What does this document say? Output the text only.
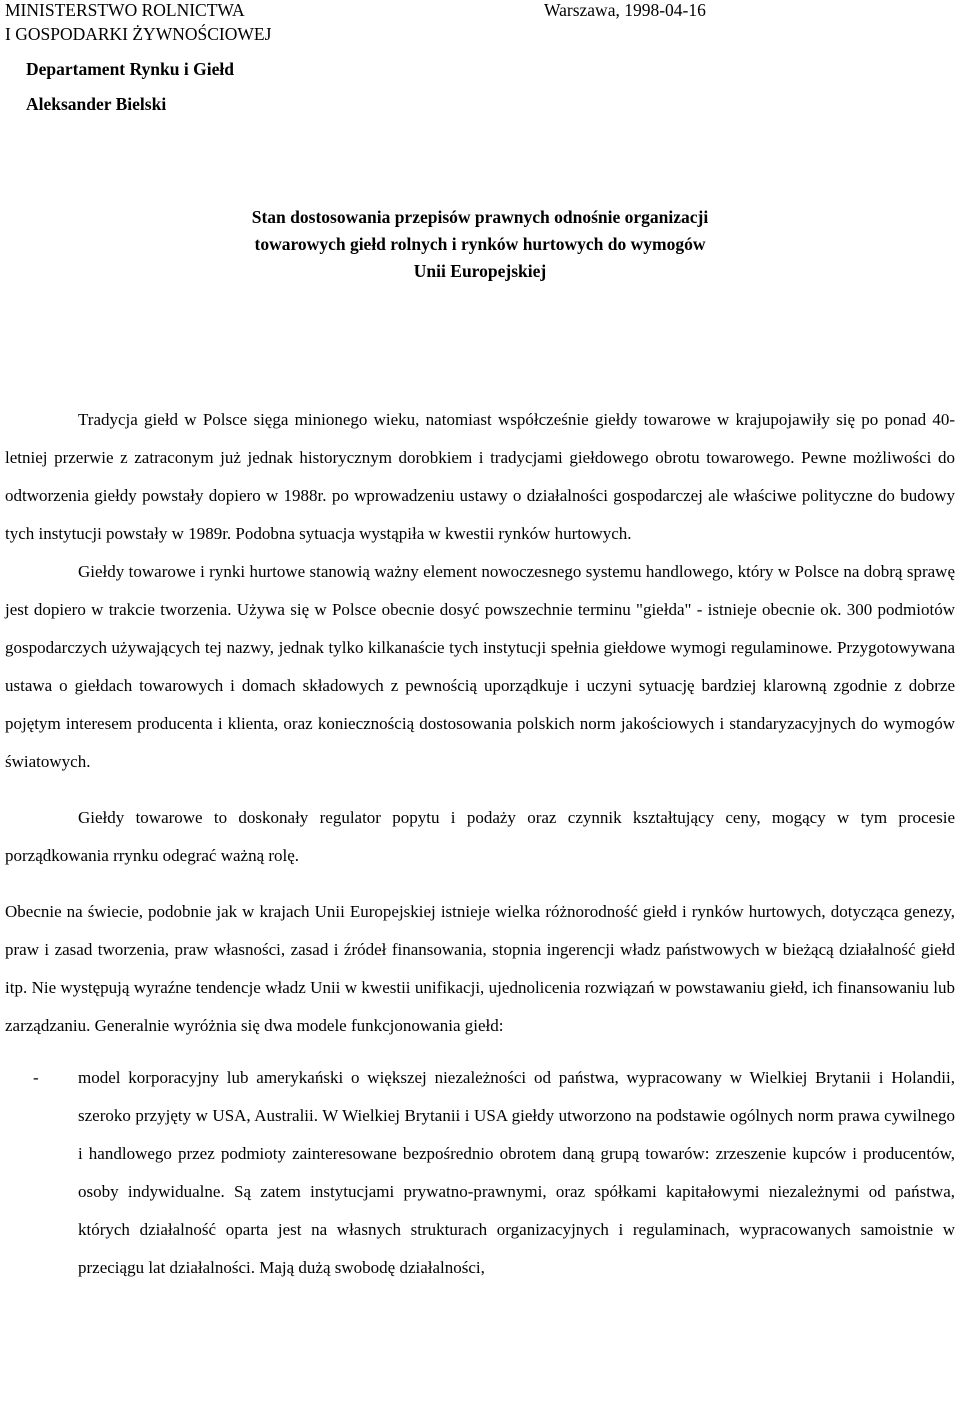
MINISTERSTWO ROLNICTWA
I GOSPODARKI ŻYWNOŚCIOWEJ
Warszawa, 1998-04-16
Departament Rynku i Giełd
Aleksander Bielski
Stan dostosowania przepisów prawnych odnośnie organizacji
towarowych giełd rolnych i rynków hurtowych do wymogów
Unii Europejskiej

Tradycja giełd w Polsce sięga minionego wieku, natomiast współcześnie giełdy towarowe w krajupojawiły się po ponad 40-letniej przerwie z zatraconym już jednak historycznym dorobkiem i tradycjami giełdowego obrotu towarowego. Pewne możliwości do odtworzenia giełdy powstały dopiero w 1988r. po wprowadzeniu ustawy o działalności gospodarczej ale właściwe polityczne do budowy tych instytucji powstały w 1989r. Podobna sytuacja wystąpiła w kwestii rynków hurtowych.

Giełdy towarowe i rynki hurtowe stanowią ważny element nowoczesnego systemu handlowego, który w Polsce na dobrą sprawę jest dopiero w trakcie tworzenia. Używa się w Polsce obecnie dosyć powszechnie terminu "giełda" - istnieje obecnie ok. 300 podmiotów gospodarczych używających tej nazwy, jednak tylko kilkanaście tych instytucji spełnia giełdowe wymogi regulaminowe. Przygotowywana ustawa o giełdach towarowych i domach składowych z pewnością uporządkuje i uczyni sytuację bardziej klarowną zgodnie z dobrze pojętym interesem producenta i klienta, oraz koniecznością dostosowania polskich norm jakościowych i standaryzacyjnych do wymogów światowych.

Giełdy towarowe to doskonały regulator popytu i podaży oraz czynnik kształtujący ceny, mogący w tym procesie porządkowania rrynku odegrać ważną rolę.

Obecnie na świecie, podobnie jak w krajach Unii Europejskiej istnieje wielka różnorodność giełd i rynków hurtowych, dotycząca genezy, praw i zasad tworzenia, praw własności, zasad i źródeł finansowania, stopnia ingerencji władz państwowych w bieżącą działalność giełd itp. Nie występują wyraźne tendencje władz Unii w kwestii unifikacji, ujednolicenia rozwiązań w powstawaniu giełd, ich finansowaniu lub zarządzaniu. Generalnie wyróżnia się dwa modele funkcjonowania giełd:

-	model korporacyjny lub amerykański o większej niezależności od państwa, wypracowany w Wielkiej Brytanii i Holandii, szeroko przyjęty w USA, Australii. W Wielkiej Brytanii i USA giełdy utworzono na podstawie ogólnych norm prawa cywilnego i handlowego przez podmioty zainteresowane bezpośrednio obrotem daną grupą towarów: zrzeszenie kupców i producentów, osoby indywidualne. Są zatem instytucjami prywatno-prawnymi, oraz spółkami kapitałowymi niezależnymi od państwa, których działalność oparta jest na własnych strukturach organizacyjnych i regulaminach, wypracowanych samoistnie w przeciągu lat działalności. Mają dużą swobodę działalności,
